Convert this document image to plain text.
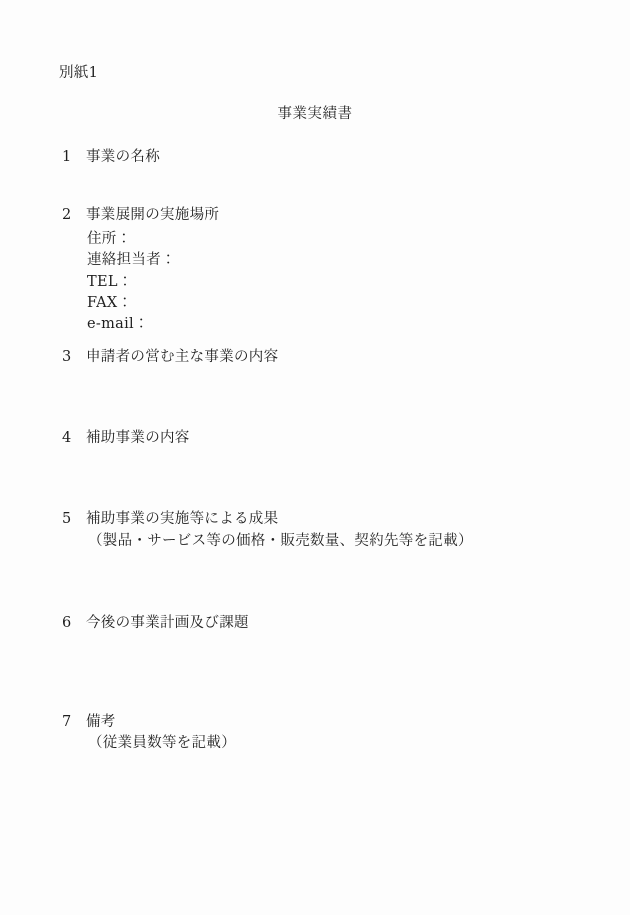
別紙1
事業実績書
1 事業の名称
2 事業展開の実施場所
住所：
連絡担当者：
TEL：
FAX：
e-mail：
3 申請者の営む主な事業の内容
4 補助事業の内容
5 補助事業の実施等による成果
（製品・サービス等の価格・販売数量、契約先等を記載）
6 今後の事業計画及び課題
7 備考
（従業員数等を記載）
